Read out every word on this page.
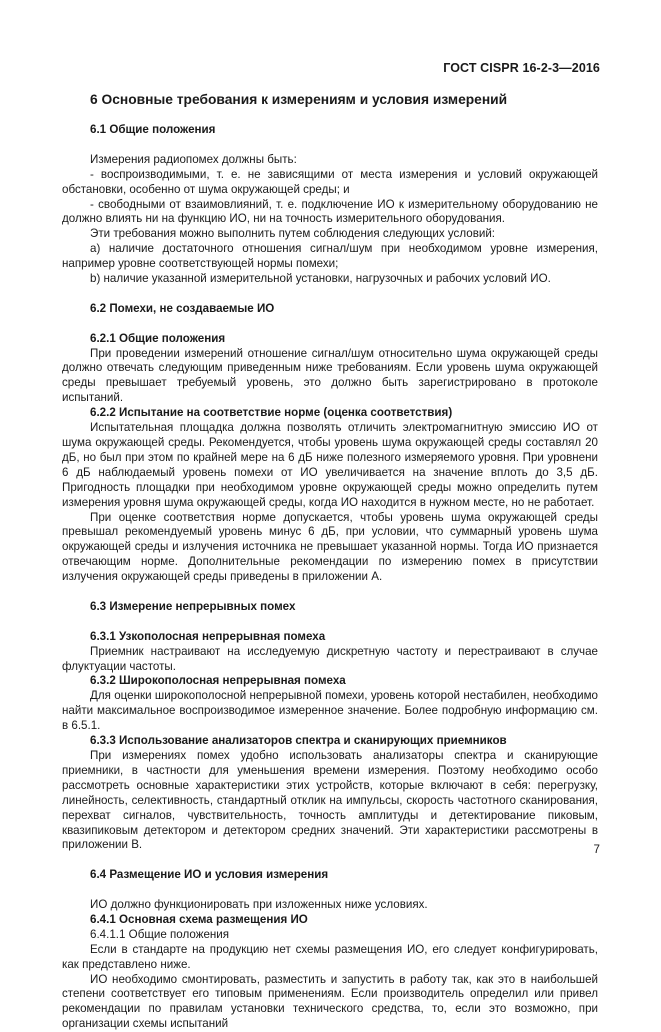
ГОСТ CISPR 16-2-3—2016
6 Основные требования к измерениям и условия измерений
6.1 Общие положения

Измерения радиопомех должны быть:

- воспроизводимыми, т. е. не зависящими от места измерения и условий окружающей обстановки, особенно от шума окружающей среды; и

- свободными от взаимовлияний, т. е. подключение ИО к измерительному оборудованию не должно влиять ни на функцию ИО, ни на точность измерительного оборудования.

Эти требования можно выполнить путем соблюдения следующих условий:

a) наличие достаточного отношения сигнал/шум при необходимом уровне измерения, например уровне соответствующей нормы помехи;

b) наличие указанной измерительной установки, нагрузочных и рабочих условий ИО.

6.2 Помехи, не создаваемые ИО
6.2.1 Общие положения

При проведении измерений отношение сигнал/шум относительно шума окружающей среды должно отвечать следующим приведенным ниже требованиям. Если уровень шума окружающей среды превышает требуемый уровень, это должно быть зарегистрировано в протоколе испытаний.

6.2.2 Испытание на соответствие норме (оценка соответствия)

Испытательная площадка должна позволять отличить электромагнитную эмиссию ИО от шума окружающей среды. Рекомендуется, чтобы уровень шума окружающей среды составлял 20 дБ, но был при этом по крайней мере на 6 дБ ниже полезного измеряемого уровня. При уровнени 6 дБ наблюдаемый уровень помехи от ИО увеличивается на значение вплоть до 3,5 дБ. Пригодность площадки при необходимом уровне окружающей среды можно определить путем измерения уровня шума окружающей среды, когда ИО находится в нужном месте, но не работает.

При оценке соответствия норме допускается, чтобы уровень шума окружающей среды превышал рекомендуемый уровень минус 6 дБ, при условии, что суммарный уровень шума окружающей среды и излучения источника не превышает указанной нормы. Тогда ИО признается отвечающим норме. Дополнительные рекомендации по измерению помех в присутствии излучения окружающей среды приведены в приложении А.

6.3 Измерение непрерывных помех
6.3.1 Узкополосная непрерывная помеха

Приемник настраивают на исследуемую дискретную частоту и перестраивают в случае флуктуации частоты.

6.3.2 Широкополосная непрерывная помеха

Для оценки широкополосной непрерывной помехи, уровень которой нестабилен, необходимо найти максимальное воспроизводимое измеренное значение. Более подробную информацию см. в 6.5.1.

6.3.3 Использование анализаторов спектра и сканирующих приемников

При измерениях помех удобно использовать анализаторы спектра и сканирующие приемники, в частности для уменьшения времени измерения. Поэтому необходимо особо рассмотреть основные характеристики этих устройств, которые включают в себя: перегрузку, линейность, селективность, стандартный отклик на импульсы, скорость частотного сканирования, перехват сигналов, чувствительность, точность амплитуды и детектирование пиковым, квазипиковым детектором и детектором средних значений. Эти характеристики рассмотрены в приложении В.

6.4 Размещение ИО и условия измерения

ИО должно функционировать при изложенных ниже условиях.

6.4.1 Основная схема размещения ИО
6.4.1.1 Общие положения

Если в стандарте на продукцию нет схемы размещения ИО, его следует конфигурировать, как представлено ниже.

ИО необходимо смонтировать, разместить и запустить в работу так, как это в наибольшей степени соответствует его типовым применениям. Если производитель определил или привел рекомендации по правилам установки технического средства, то, если это возможно, при организации схемы испытаний

7
